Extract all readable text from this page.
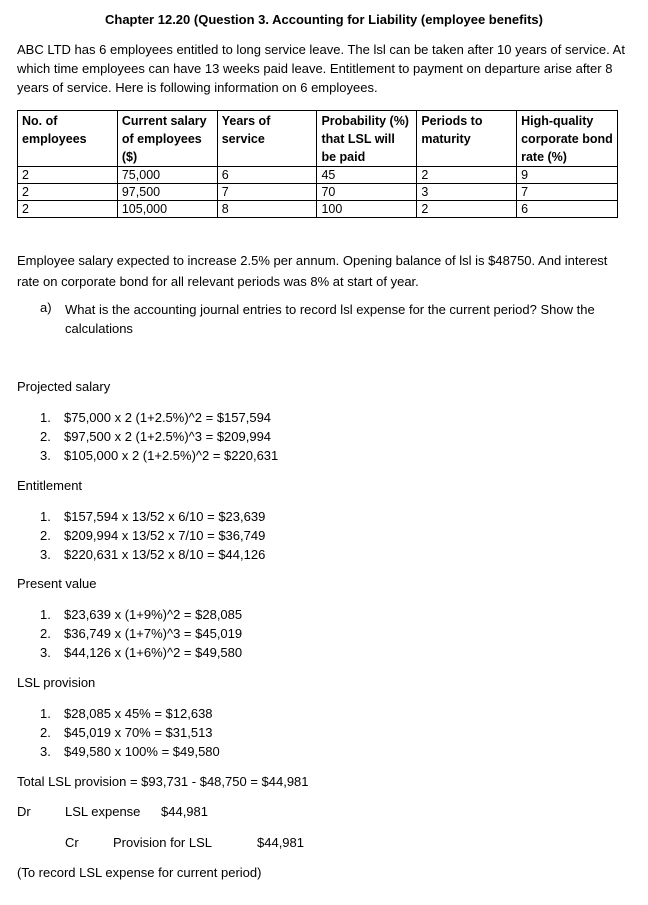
Chapter 12.20 (Question 3. Accounting for Liability (employee benefits)
ABC LTD has 6 employees entitled to long service leave. The lsl can be taken after 10 years of service. At which time employees can have 13 weeks paid leave. Entitlement to payment on departure arise after 8 years of service. Here is following information on 6 employees.
No. of employees	Current salary of employees ($)	Years of service	Probability (%) that LSL will be paid	Periods to maturity	High-quality corporate bond rate (%)
2	75,000	6	45	2	9
2	97,500	7	70	3	7
2	105,000	8	100	2	6
Employee salary expected to increase 2.5% per annum. Opening balance of lsl is $48750. And interest rate on corporate bond for all relevant periods was 8% at start of year.
a) What is the accounting journal entries to record lsl expense for the current period? Show the calculations
Projected salary
1. $75,000 x 2 (1+2.5%)^2 = $157,594
2. $97,500 x 2 (1+2.5%)^3 = $209,994
3. $105,000 x 2 (1+2.5%)^2 = $220,631
Entitlement
1. $157,594 x 13/52 x 6/10 = $23,639
2. $209,994 x 13/52 x 7/10 = $36,749
3. $220,631 x 13/52 x 8/10 = $44,126
Present value
1. $23,639 x (1+9%)^2 = $28,085
2. $36,749 x (1+7%)^3 = $45,019
3. $44,126 x (1+6%)^2 = $49,580
LSL provision
1. $28,085 x 45% = $12,638
2. $45,019 x 70% = $31,513
3. $49,580 x 100% = $49,580
Total LSL provision = $93,731 - $48,750 = $44,981
Dr	LSL expense $44,981
Cr	Provision for LSL	$44,981
(To record LSL expense for current period)
